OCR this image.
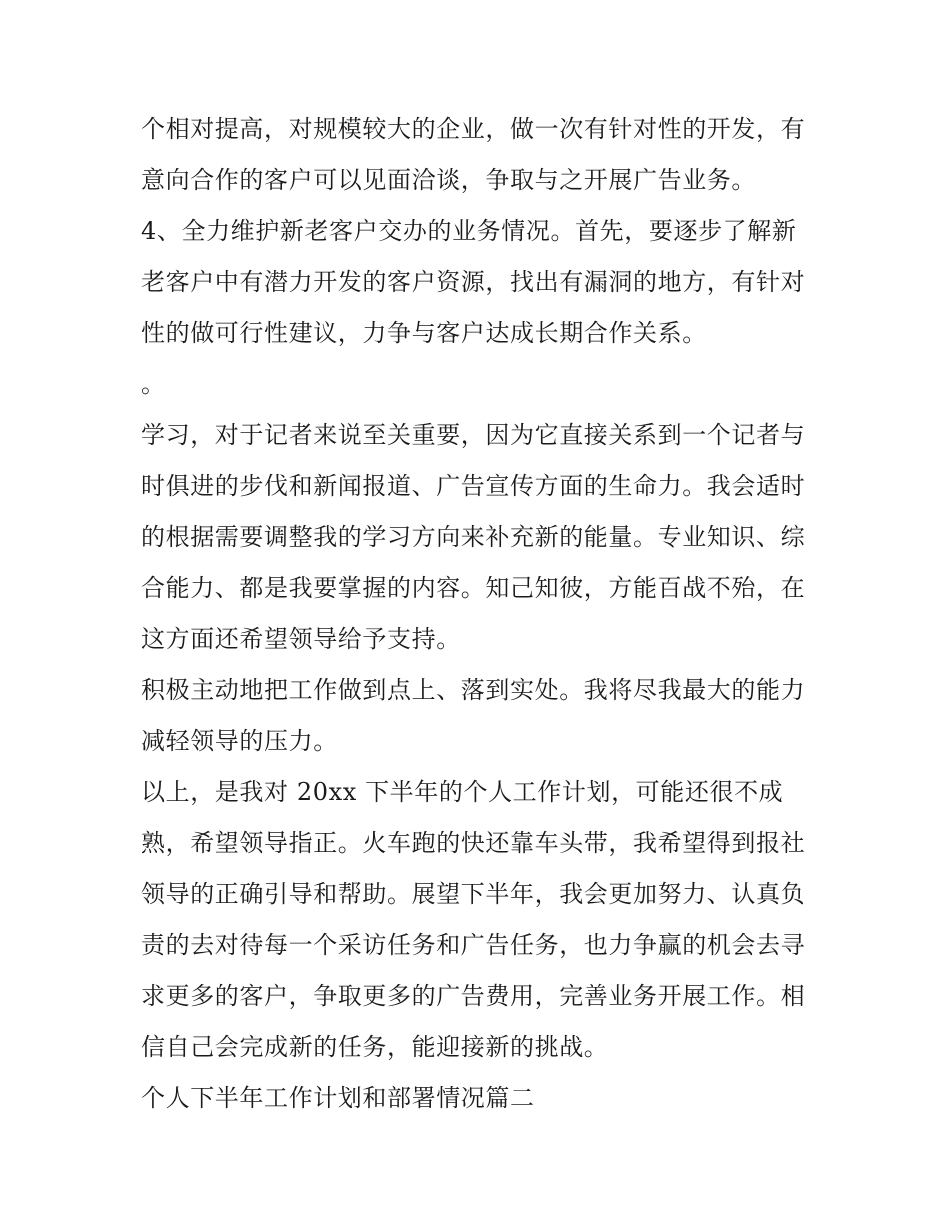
个相对提高，对规模较大的企业，做一次有针对性的开发，有
意向合作的客户可以见面洽谈，争取与之开展广告业务。
4、全力维护新老客户交办的业务情况。首先，要逐步了解新
老客户中有潜力开发的客户资源，找出有漏洞的地方，有针对
性的做可行性建议，力争与客户达成长期合作关系。
。
学习，对于记者来说至关重要，因为它直接关系到一个记者与
时俱进的步伐和新闻报道、广告宣传方面的生命力。我会适时
的根据需要调整我的学习方向来补充新的能量。专业知识、综
合能力、都是我要掌握的内容。知己知彼，方能百战不殆，在
这方面还希望领导给予支持。
积极主动地把工作做到点上、落到实处。我将尽我最大的能力
减轻领导的压力。
以上，是我对 20xx 下半年的个人工作计划，可能还很不成
熟，希望领导指正。火车跑的快还靠车头带，我希望得到报社
领导的正确引导和帮助。展望下半年，我会更加努力、认真负
责的去对待每一个采访任务和广告任务，也力争赢的机会去寻
求更多的客户，争取更多的广告费用，完善业务开展工作。相
信自己会完成新的任务，能迎接新的挑战。
个人下半年工作计划和部署情况篇二
